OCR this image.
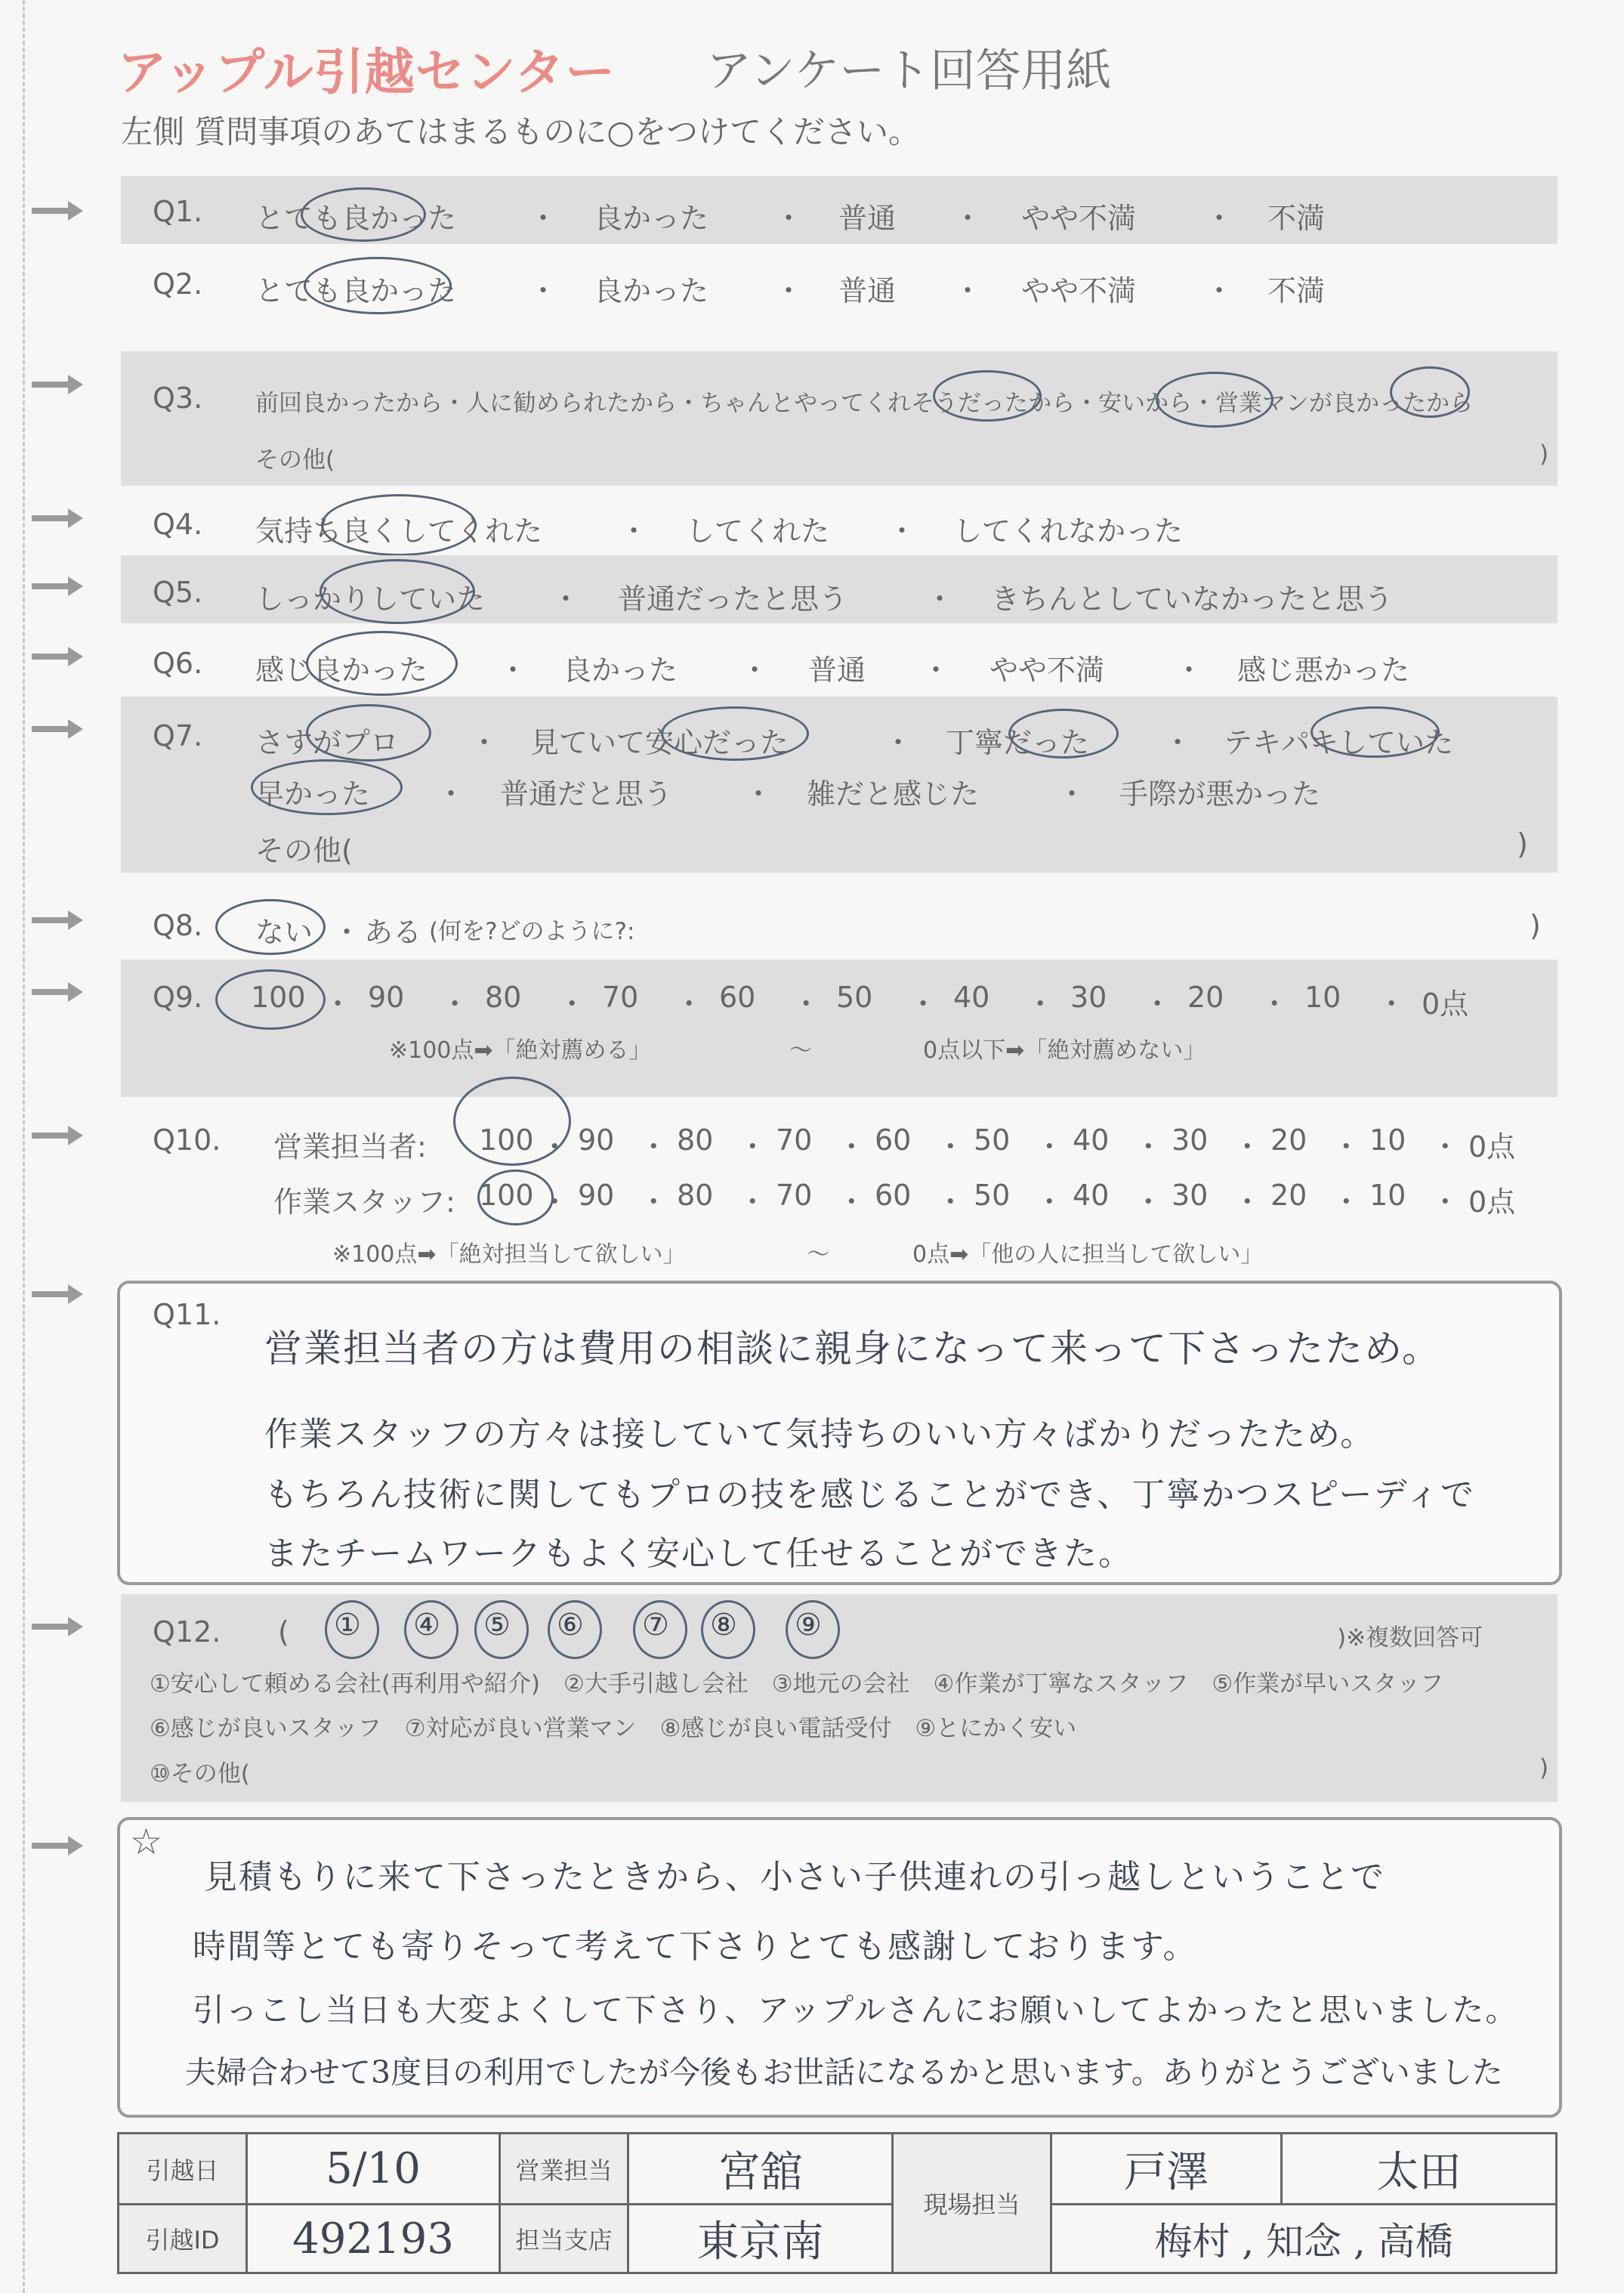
アップル引越センター アンケート回答用紙
左側 質問事項のあてはまるものに○をつけてください。
Q1. とても良かった	・ 良かった ・ 普通 ・ やや不満 ・ 不満
Q2. とても良かった	・ 良かった ・ 普通 ・ やや不満 ・ 不満
Q3. 前回良かったから・人に勧められたから・ちゃんとやってくれそうだったから・安いから・営業マンが良かったから
その他(	)
Q4. 気持ち良くしてくれた	・ してくれた ・ してくれなかった
Q5. しっかりしていた ・ 普通だったと思う	・ きちんとしていなかったと思う
Q6. 感じ良かった ・ 良かった ・ 普通 ・ やや不満 ・ 感じ悪かった
Q7. さすがプロ ・ 見ていて安心だった	・ 丁寧だった	・ テキパキしていた
早かった ・ 普通だと思う ・ 雑だと感じた	・ 手際が悪かった
その他(	)
Q8. ない ・ ある (何を?どのように?:	)
Q9. 100 ・ 90 ・ 80 ・ 70 ・ 60 ・ 50 ・ 40 ・ 30 ・ 20 ・ 10 ・ 0点
※100点➡「絶対薦める」	～	0点以下➡「絶対薦めない」
Q10. 営業担当者:
作業スタッフ:
100 ・ 90 ・ 80 ・ 70 ・ 60 ・ 50 ・ 40 ・ 30 ・ 20 ・ 10 ・ 0点
100 ・ 90 ・ 80 ・ 70 ・ 60 ・ 50 ・ 40 ・ 30 ・ 20 ・ 10 ・ 0点
※100点➡「絶対担当して欲しい」	～	0点➡「他の人に担当して欲しい」
Q11.
営業担当者の方は費用の相談に親身になって来って下さったため。
作業スタッフの方々は接していて気持ちのいい方々ばかりだったため。
もちろん技術に関してもプロの技を感じることができ、丁寧かつスピーディで
またチームワークもよく安心して任せることができた。
Q12. ( ① ④ ⑤ ⑥ ⑦ ⑧ ⑨	)※複数回答可
①安心して頼める会社(再利用や紹介)　②大手引越し会社　③地元の会社　④作業が丁寧なスタッフ　⑤作業が早いスタッフ
⑥感じが良いスタッフ　⑦対応が良い営業マン　⑧感じが良い電話受付　⑨とにかく安い
⑩その他(	)
☆
見積もりに来て下さったときから、小さい子供連れの引っ越しということで
時間等とても寄りそって考えて下さりとても感謝しております。
引っこし当日も大変よくして下さり、アップルさんにお願いしてよかったと思いました。
夫婦合わせて3度目の利用でしたが今後もお世話になるかと思います。ありがとうございました
引越日	5/10	営業担当	宮舘	現場担当	戸澤	太田
引越ID	492193	担当支店	東京南		梅村 , 知念 , 高橋	
